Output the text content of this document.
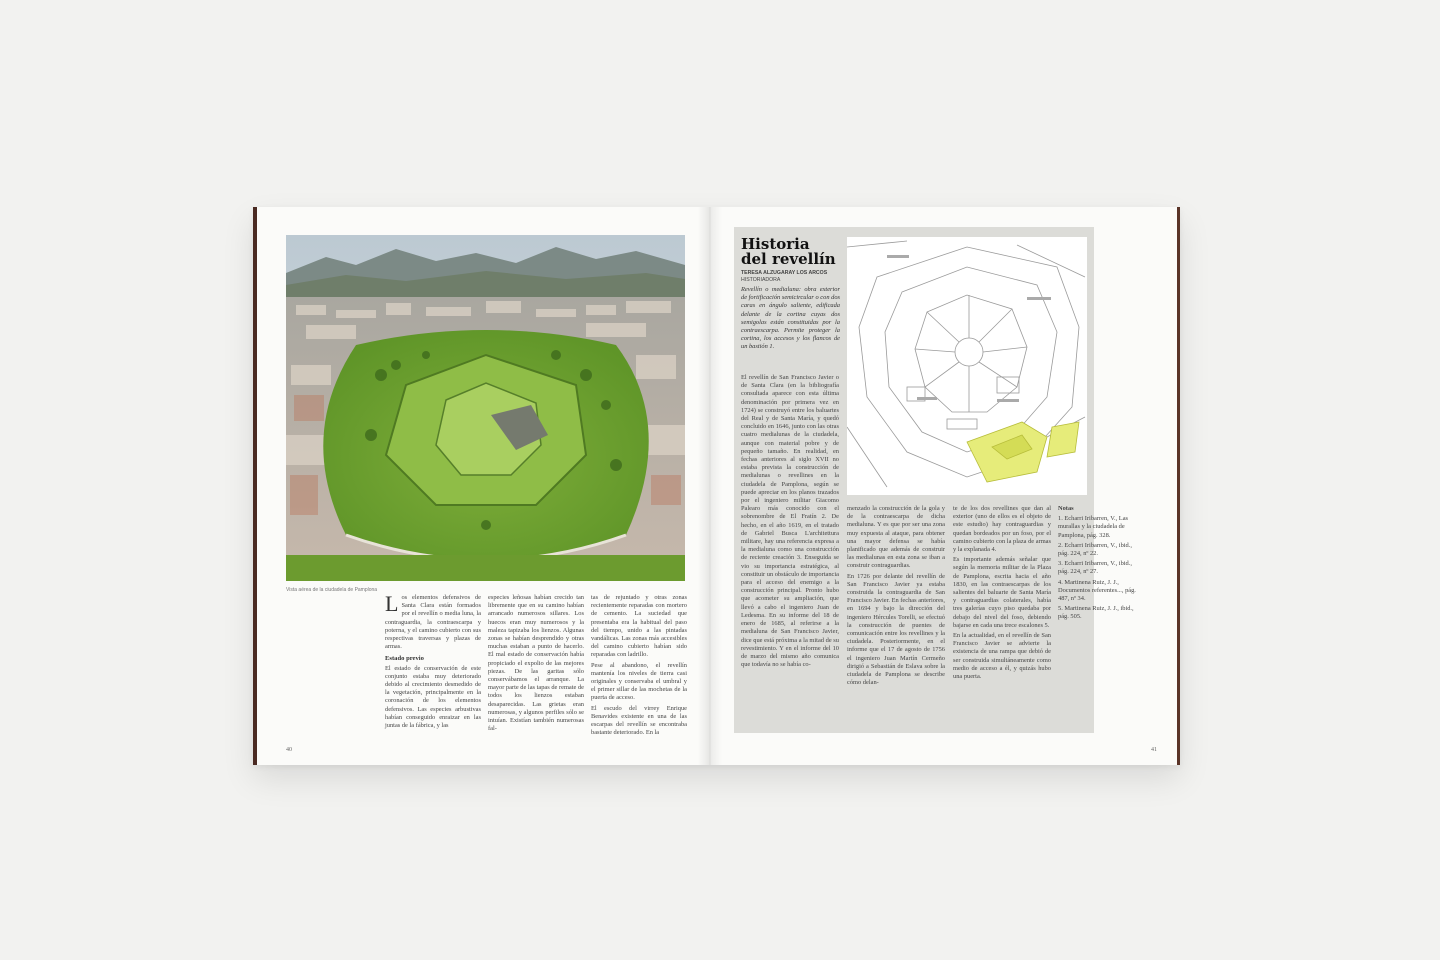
Vista aérea de la ciudadela de Pamplona

Los elementos defensivos de Santa Clara están formados por el revellín o media luna, la contraguardia, la contraescarpa y poterna, y el camino cubierto con sus respectivas traversas y plazas de armas.

Estado previo

El estado de conservación de este conjunto estaba muy deteriorado debido al crecimiento desmedido de la vegetación, principalmente en la coronación de los elementos defensivos. Las especies arbustivas habían conseguido enraizar en las juntas de la fábrica, y las

especies leñosas habían crecido tan libremente que en su camino habían arrancado numerosos sillares. Los huecos eran muy numerosos y la maleza tapizaba los lienzos. Algunas zonas se habían desprendido y otras muchas estaban a punto de hacerlo. El mal estado de conservación había propiciado el expolio de las mejores piezas. De las garitas sólo conservábamos el arranque. La mayor parte de las tapas de remate de todos los lienzos estaban desaparecidas. Las grietas eran numerosas, y algunos perfiles sólo se intuían. Existían también numerosas fal-

tas de rejuntado y otras zonas recientemente reparadas con mortero de cemento. La suciedad que presentaba era la habitual del paso del tiempo, unido a las pintadas vandálicas. Las zonas más accesibles del camino cubierto habían sido reparadas con ladrillo.

Pese al abandono, el revellín mantenía los niveles de tierra casi originales y conservaba el umbral y el primer sillar de las mochetas de la puerta de acceso.

El escudo del virrey Enrique Benavides existente en una de las escarpas del revellín se encontraba bastante deteriorado. En la

40
Historia
del revellín
TERESA ALZUGARAY LOS ARCOS
HISTORIADORA
Revellín o medialuna: obra exterior de fortificación semicircular o con dos caras en ángulo saliente, edificada delante de la cortina cuyas dos semigolas están constituidas por la contraescarpa. Permite proteger la cortina, los accesos y los flancos de un bastión 1.

El revellín de San Francisco Javier o de Santa Clara (en la bibliografía consultada aparece con esta última denominación por primera vez en 1724) se construyó entre los baluartes del Real y de Santa María, y quedó concluido en 1646, junto con las otras cuatro medialunas de la ciudadela, aunque con material pobre y de pequeño tamaño. En realidad, en fechas anteriores al siglo XVII no estaba prevista la construcción de medialunas o revellines en la ciudadela de Pamplona, según se puede apreciar en los planos trazados por el ingeniero militar Giacomo Palearo más conocido con el sobrenombre de El Fratín 2. De hecho, en el año 1619, en el tratado de Gabriel Busca L'architettura militare, hay una referencia expresa a la medialuna como una construcción de reciente creación 3. Enseguida se vio su importancia estratégica, al constituir un obstáculo de importancia para el acceso del enemigo a la construcción principal. Pronto hubo que acometer su ampliación, que llevó a cabo el ingeniero Juan de Ledesma. En su informe del 18 de enero de 1685, al referirse a la medialuna de San Francisco Javier, dice que está próxima a la mitad de su revestimiento. Y en el informe del 10 de marzo del mismo año comunica que todavía no se había co-

menzado la construcción de la gola y de la contraescarpa de dicha medialuna. Y es que por ser una zona muy expuesta al ataque, para obtener una mayor defensa se había planificado que además de construir las medialunas en esta zona se iban a construir contraguardias.

En 1726 por delante del revellín de San Francisco Javier ya estaba construida la contraguardia de San Francisco Javier. En fechas anteriores, en 1694 y bajo la dirección del ingeniero Hércules Torelli, se efectuó la construcción de puentes de comunicación entre los revellines y la ciudadela. Posteriormente, en el informe que el 17 de agosto de 1756 el ingeniero Juan Martín Cermeño dirigió a Sebastián de Eslava sobre la ciudadela de Pamplona se describe cómo delan-

te de los dos revellines que dan al exterior (uno de ellos es el objeto de este estudio) hay contraguardias y quedan bordeados por un foso, por el camino cubierto con la plaza de armas y la explanada 4.

Es importante además señalar que según la memoria militar de la Plaza de Pamplona, escrita hacia el año 1830, en las contraescarpas de los salientes del baluarte de Santa María y contraguardias colaterales, había tres galerías cuyo piso quedaba por debajo del nivel del foso, debiendo bajarse en cada una trece escalones 5.

En la actualidad, en el revellín de San Francisco Javier se advierte la existencia de una rampa que debió de ser construida simultáneamente como medio de acceso a él, y quizás hubo una puerta.

Notas

1. Echarri Iribarren, V., Las murallas y la ciudadela de Pamplona, pág. 328.

2. Echarri Iribarren, V., ibid., pág. 224, nº 22.

3. Echarri Iribarren, V., ibid., pág. 224, nº 27.

4. Martinena Ruiz, J. J., Documentos referentes..., pág. 487, nº 34.

5. Martinena Ruiz, J. J., ibid., pág. 505.

41
